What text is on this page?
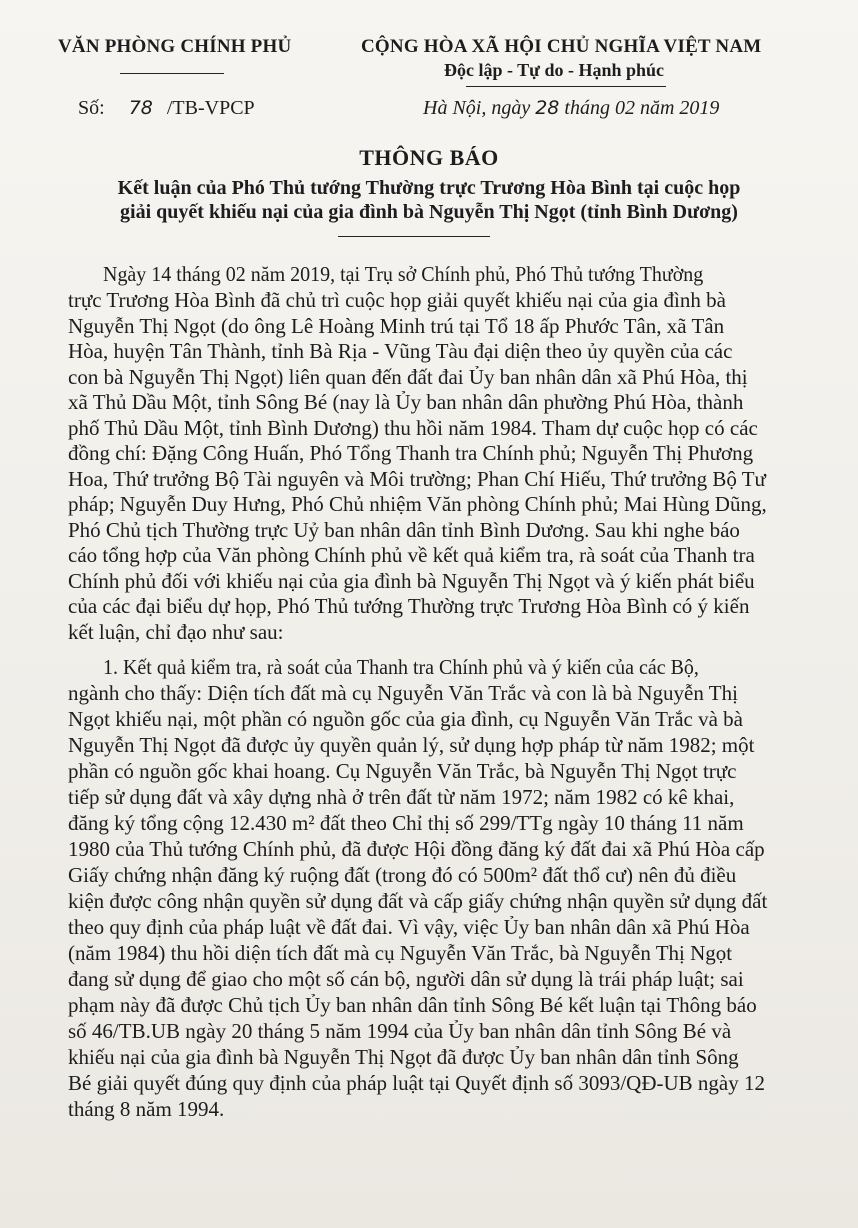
VĂN PHÒNG CHÍNH PHỦ	CỘNG HÒA XÃ HỘI CHỦ NGHĨA VIỆT NAM
Độc lập - Tự do - Hạnh phúc
Số: 78 /TB-VPCP	Hà Nội, ngày 28 tháng 02 năm 2019
THÔNG BÁO
Kết luận của Phó Thủ tướng Thường trực Trương Hòa Bình tại cuộc họp
giải quyết khiếu nại của gia đình bà Nguyễn Thị Ngọt (tỉnh Bình Dương)
Ngày 14 tháng 02 năm 2019, tại Trụ sở Chính phủ, Phó Thủ tướng Thường
trực Trương Hòa Bình đã chủ trì cuộc họp giải quyết khiếu nại của gia đình bà
Nguyễn Thị Ngọt (do ông Lê Hoàng Minh trú tại Tổ 18 ấp Phước Tân, xã Tân
Hòa, huyện Tân Thành, tỉnh Bà Rịa - Vũng Tàu đại diện theo ủy quyền của các
con bà Nguyễn Thị Ngọt) liên quan đến đất đai Ủy ban nhân dân xã Phú Hòa, thị
xã Thủ Dầu Một, tỉnh Sông Bé (nay là Ủy ban nhân dân phường Phú Hòa, thành
phố Thủ Dầu Một, tỉnh Bình Dương) thu hồi năm 1984. Tham dự cuộc họp có các
đồng chí: Đặng Công Huấn, Phó Tổng Thanh tra Chính phủ; Nguyễn Thị Phương
Hoa, Thứ trưởng Bộ Tài nguyên và Môi trường; Phan Chí Hiếu, Thứ trưởng Bộ Tư
pháp; Nguyễn Duy Hưng, Phó Chủ nhiệm Văn phòng Chính phủ; Mai Hùng Dũng,
Phó Chủ tịch Thường trực Uỷ ban nhân dân tỉnh Bình Dương. Sau khi nghe báo
cáo tổng hợp của Văn phòng Chính phủ về kết quả kiểm tra, rà soát của Thanh tra
Chính phủ đối với khiếu nại của gia đình bà Nguyễn Thị Ngọt và ý kiến phát biểu
của các đại biểu dự họp, Phó Thủ tướng Thường trực Trương Hòa Bình có ý kiến
kết luận, chỉ đạo như sau:
1. Kết quả kiểm tra, rà soát của Thanh tra Chính phủ và ý kiến của các Bộ,
ngành cho thấy: Diện tích đất mà cụ Nguyễn Văn Trắc và con là bà Nguyễn Thị
Ngọt khiếu nại, một phần có nguồn gốc của gia đình, cụ Nguyễn Văn Trắc và bà
Nguyễn Thị Ngọt đã được ủy quyền quản lý, sử dụng hợp pháp từ năm 1982; một
phần có nguồn gốc khai hoang. Cụ Nguyễn Văn Trắc, bà Nguyễn Thị Ngọt trực
tiếp sử dụng đất và xây dựng nhà ở trên đất từ năm 1972; năm 1982 có kê khai,
đăng ký tổng cộng 12.430 m² đất theo Chỉ thị số 299/TTg ngày 10 tháng 11 năm
1980 của Thủ tướng Chính phủ, đã được Hội đồng đăng ký đất đai xã Phú Hòa cấp
Giấy chứng nhận đăng ký ruộng đất (trong đó có 500m² đất thổ cư) nên đủ điều
kiện được công nhận quyền sử dụng đất và cấp giấy chứng nhận quyền sử dụng đất
theo quy định của pháp luật về đất đai. Vì vậy, việc Ủy ban nhân dân xã Phú Hòa
(năm 1984) thu hồi diện tích đất mà cụ Nguyễn Văn Trắc, bà Nguyễn Thị Ngọt
đang sử dụng để giao cho một số cán bộ, người dân sử dụng là trái pháp luật; sai
phạm này đã được Chủ tịch Ủy ban nhân dân tỉnh Sông Bé kết luận tại Thông báo
số 46/TB.UB ngày 20 tháng 5 năm 1994 của Ủy ban nhân dân tỉnh Sông Bé và
khiếu nại của gia đình bà Nguyễn Thị Ngọt đã được Ủy ban nhân dân tỉnh Sông
Bé giải quyết đúng quy định của pháp luật tại Quyết định số 3093/QĐ-UB ngày 12
tháng 8 năm 1994.
